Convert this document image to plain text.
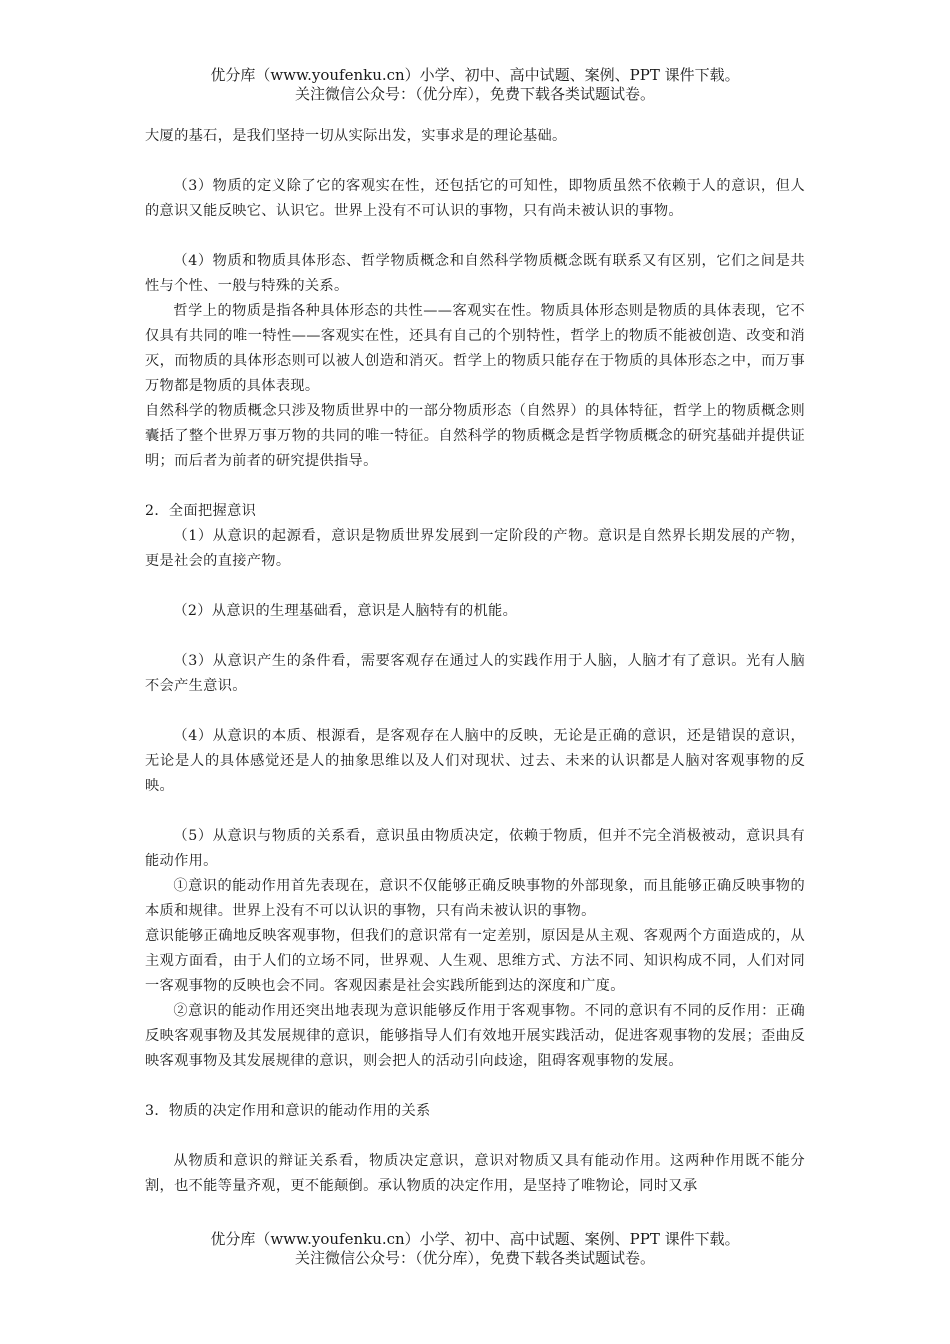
优分库（www.youfenku.cn）小学、初中、高中试题、案例、PPT 课件下载。
关注微信公众号：（优分库），免费下载各类试题试卷。

大厦的基石，是我们坚持一切从实际出发，实事求是的理论基础。

（3）物质的定义除了它的客观实在性，还包括它的可知性，即物质虽然不依赖于人的意识，但人的意识又能反映它、认识它。世界上没有不可认识的事物，只有尚未被认识的事物。

（4）物质和物质具体形态、哲学物质概念和自然科学物质概念既有联系又有区别，它们之间是共性与个性、一般与特殊的关系。

哲学上的物质是指各种具体形态的共性——客观实在性。物质具体形态则是物质的具体表现，它不仅具有共同的唯一特性——客观实在性，还具有自己的个别特性，哲学上的物质不能被创造、改变和消灭，而物质的具体形态则可以被人创造和消灭。哲学上的物质只能存在于物质的具体形态之中，而万事万物都是物质的具体表现。

自然科学的物质概念只涉及物质世界中的一部分物质形态（自然界）的具体特征，哲学上的物质概念则囊括了整个世界万事万物的共同的唯一特征。自然科学的物质概念是哲学物质概念的研究基础并提供证明；而后者为前者的研究提供指导。

2．全面把握意识

（1）从意识的起源看，意识是物质世界发展到一定阶段的产物。意识是自然界长期发展的产物，更是社会的直接产物。

（2）从意识的生理基础看，意识是人脑特有的机能。

（3）从意识产生的条件看，需要客观存在通过人的实践作用于人脑，人脑才有了意识。光有人脑不会产生意识。

（4）从意识的本质、根源看，是客观存在人脑中的反映，无论是正确的意识，还是错误的意识，无论是人的具体感觉还是人的抽象思维以及人们对现状、过去、未来的认识都是人脑对客观事物的反映。

（5）从意识与物质的关系看，意识虽由物质决定，依赖于物质，但并不完全消极被动，意识具有能动作用。

①意识的能动作用首先表现在，意识不仅能够正确反映事物的外部现象，而且能够正确反映事物的本质和规律。世界上没有不可以认识的事物，只有尚未被认识的事物。

意识能够正确地反映客观事物，但我们的意识常有一定差别，原因是从主观、客观两个方面造成的，从主观方面看，由于人们的立场不同，世界观、人生观、思维方式、方法不同、知识构成不同，人们对同一客观事物的反映也会不同。客观因素是社会实践所能到达的深度和广度。

②意识的能动作用还突出地表现为意识能够反作用于客观事物。不同的意识有不同的反作用：正确反映客观事物及其发展规律的意识，能够指导人们有效地开展实践活动，促进客观事物的发展；歪曲反映客观事物及其发展规律的意识，则会把人的活动引向歧途，阻碍客观事物的发展。

3．物质的决定作用和意识的能动作用的关系

从物质和意识的辩证关系看，物质决定意识，意识对物质又具有能动作用。这两种作用既不能分割，也不能等量齐观，更不能颠倒。承认物质的决定作用，是坚持了唯物论，同时又承

优分库（www.youfenku.cn）小学、初中、高中试题、案例、PPT 课件下载。
关注微信公众号：（优分库），免费下载各类试题试卷。
